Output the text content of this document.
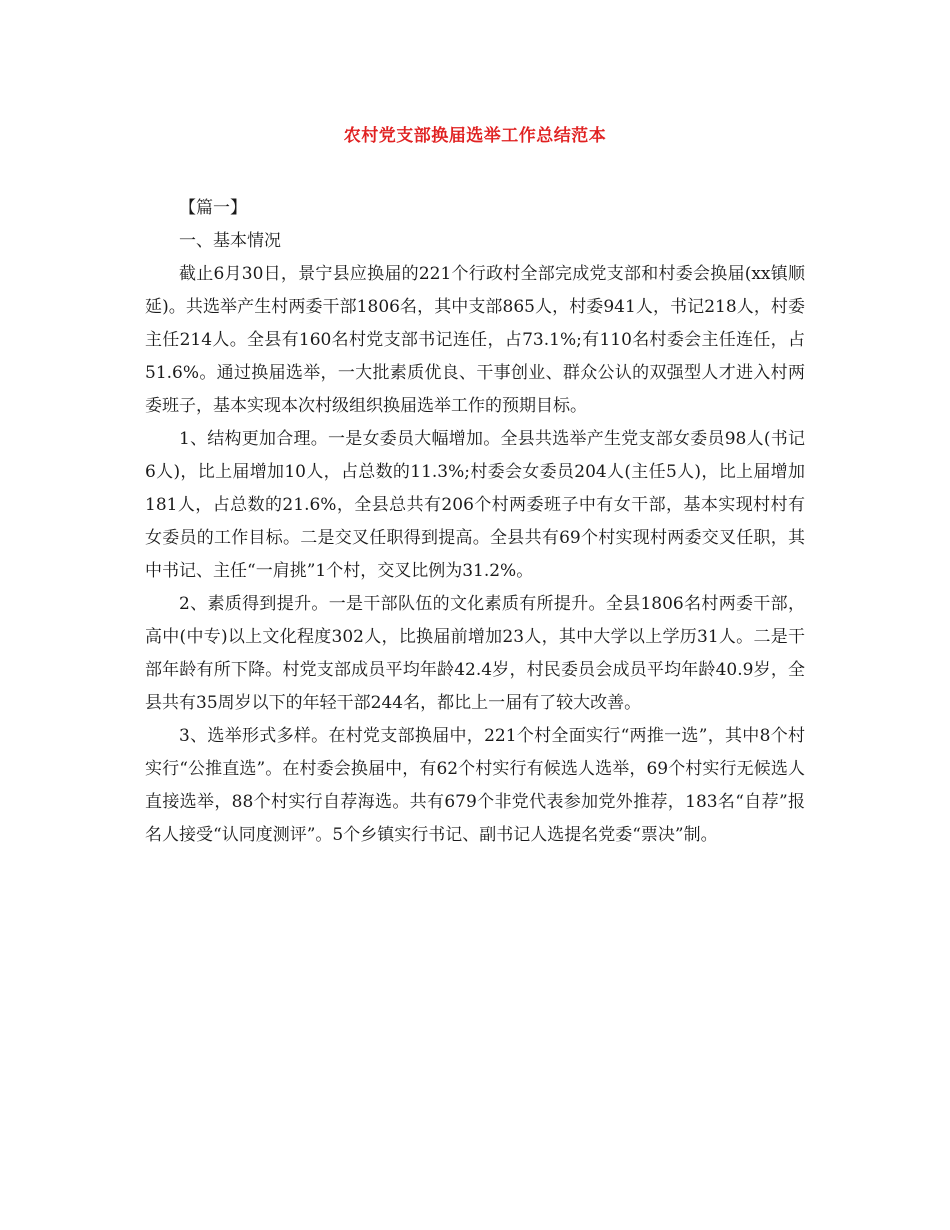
农村党支部换届选举工作总结范本

【篇一】

一、基本情况

截止6月30日，景宁县应换届的221个行政村全部完成党支部和村委会换届(xx镇顺延)。共选举产生村两委干部1806名，其中支部865人，村委941人，书记218人，村委主任214人。全县有160名村党支部书记连任，占73.1%;有110名村委会主任连任，占51.6%。通过换届选举，一大批素质优良、干事创业、群众公认的双强型人才进入村两委班子，基本实现本次村级组织换届选举工作的预期目标。

1、结构更加合理。一是女委员大幅增加。全县共选举产生党支部女委员98人(书记6人)，比上届增加10人，占总数的11.3%;村委会女委员204人(主任5人)，比上届增加181人，占总数的21.6%，全县总共有206个村两委班子中有女干部，基本实现村村有女委员的工作目标。二是交叉任职得到提高。全县共有69个村实现村两委交叉任职，其中书记、主任“一肩挑”1个村，交叉比例为31.2%。

2、素质得到提升。一是干部队伍的文化素质有所提升。全县1806名村两委干部，高中(中专)以上文化程度302人，比换届前增加23人，其中大学以上学历31人。二是干部年龄有所下降。村党支部成员平均年龄42.4岁，村民委员会成员平均年龄40.9岁，全县共有35周岁以下的年轻干部244名，都比上一届有了较大改善。

3、选举形式多样。在村党支部换届中，221个村全面实行“两推一选”，其中8个村实行“公推直选”。在村委会换届中，有62个村实行有候选人选举，69个村实行无候选人直接选举，88个村实行自荐海选。共有679个非党代表参加党外推荐，183名“自荐”报名人接受“认同度测评”。5个乡镇实行书记、副书记人选提名党委“票决”制。
